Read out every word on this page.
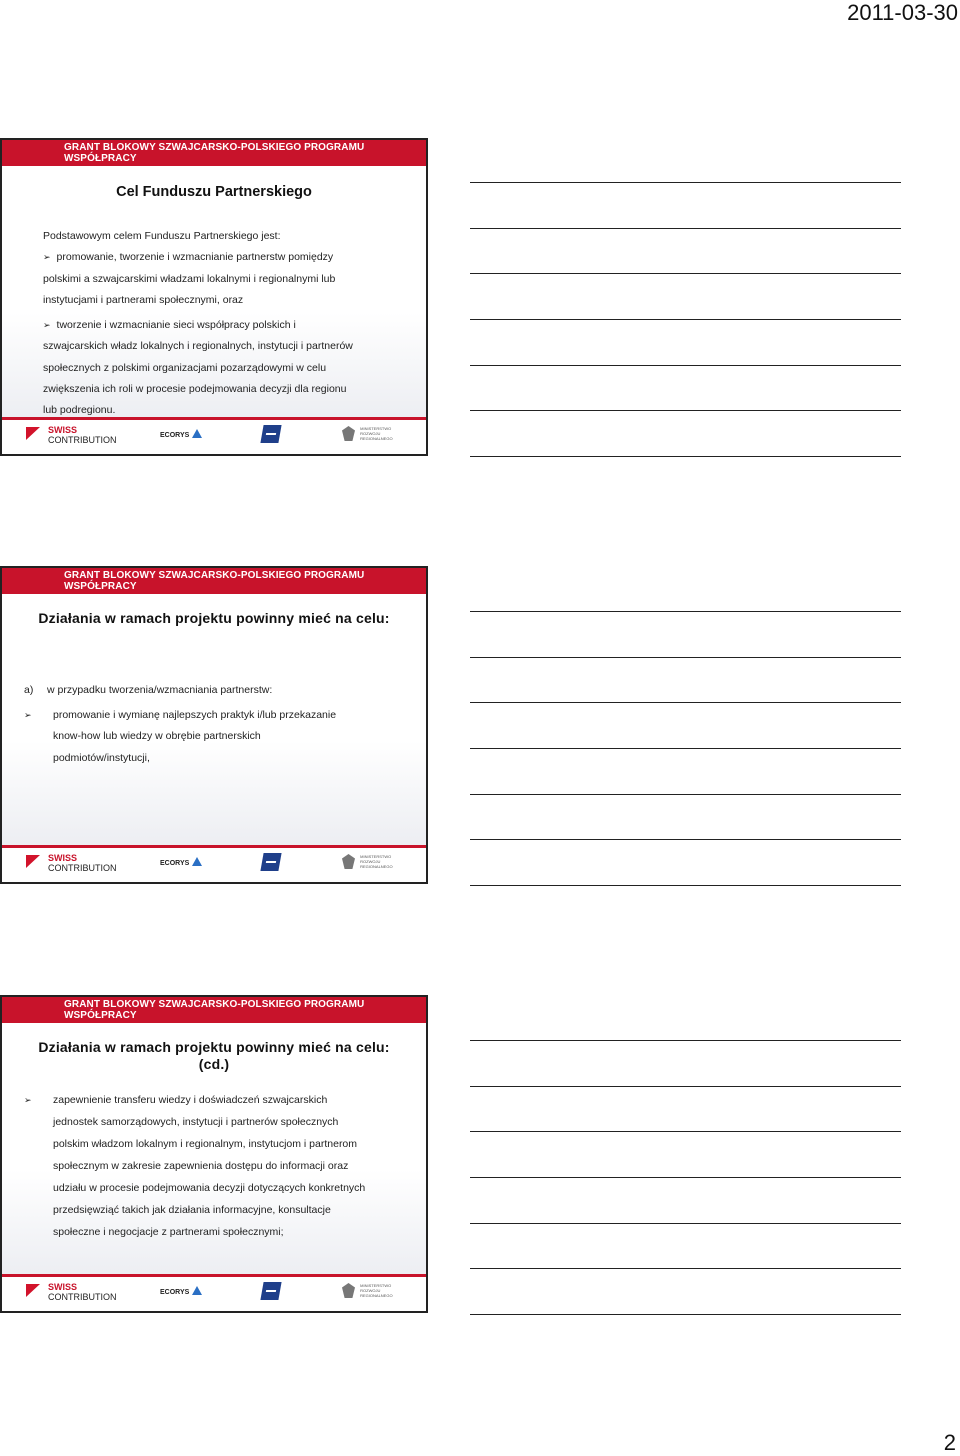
2011-03-30
GRANT BLOKOWY SZWAJCARSKO-POLSKIEGO PROGRAMU WSPÓŁPRACY
Cel Funduszu Partnerskiego
Podstawowym celem Funduszu Partnerskiego jest:
➢ promowanie, tworzenie i wzmacnianie partnerstw pomiędzy
polskimi a szwajcarskimi władzami lokalnymi i regionalnymi lub
instytucjami i partnerami społecznymi, oraz
➢ tworzenie i wzmacnianie sieci współpracy polskich i
szwajcarskich władz lokalnych i regionalnych, instytucji i partnerów
społecznych z polskimi organizacjami pozarządowymi w celu
zwiększenia ich roli w procesie podejmowania decyzji dla regionu
lub podregionu.
SWISS
CONTRIBUTION	ECORYS
MINISTERSTWO
ROZWOJU
REGIONALNEGO
GRANT BLOKOWY SZWAJCARSKO-POLSKIEGO PROGRAMU WSPÓŁPRACY
Działania w ramach projektu powinny mieć na celu:
a)	w przypadku tworzenia/wzmacniania partnerstw:
➢	promowanie i wymianę najlepszych praktyk i/lub przekazanie
know-how lub wiedzy w obrębie partnerskich
podmiotów/instytucji,
SWISS
CONTRIBUTION	ECORYS
MINISTERSTWO
ROZWOJU
REGIONALNEGO
GRANT BLOKOWY SZWAJCARSKO-POLSKIEGO PROGRAMU WSPÓŁPRACY
Działania w ramach projektu powinny mieć na celu:
(cd.)
➢	zapewnienie transferu wiedzy i doświadczeń szwajcarskich
jednostek samorządowych, instytucji i partnerów społecznych
polskim władzom lokalnym i regionalnym, instytucjom i partnerom
społecznym w zakresie zapewnienia dostępu do informacji oraz
udziału w procesie podejmowania decyzji dotyczących konkretnych
przedsięwziąć takich jak działania informacyjne, konsultacje
społeczne i negocjacje z partnerami społecznymi;
SWISS
CONTRIBUTION	ECORYS
MINISTERSTWO
ROZWOJU
REGIONALNEGO
2
